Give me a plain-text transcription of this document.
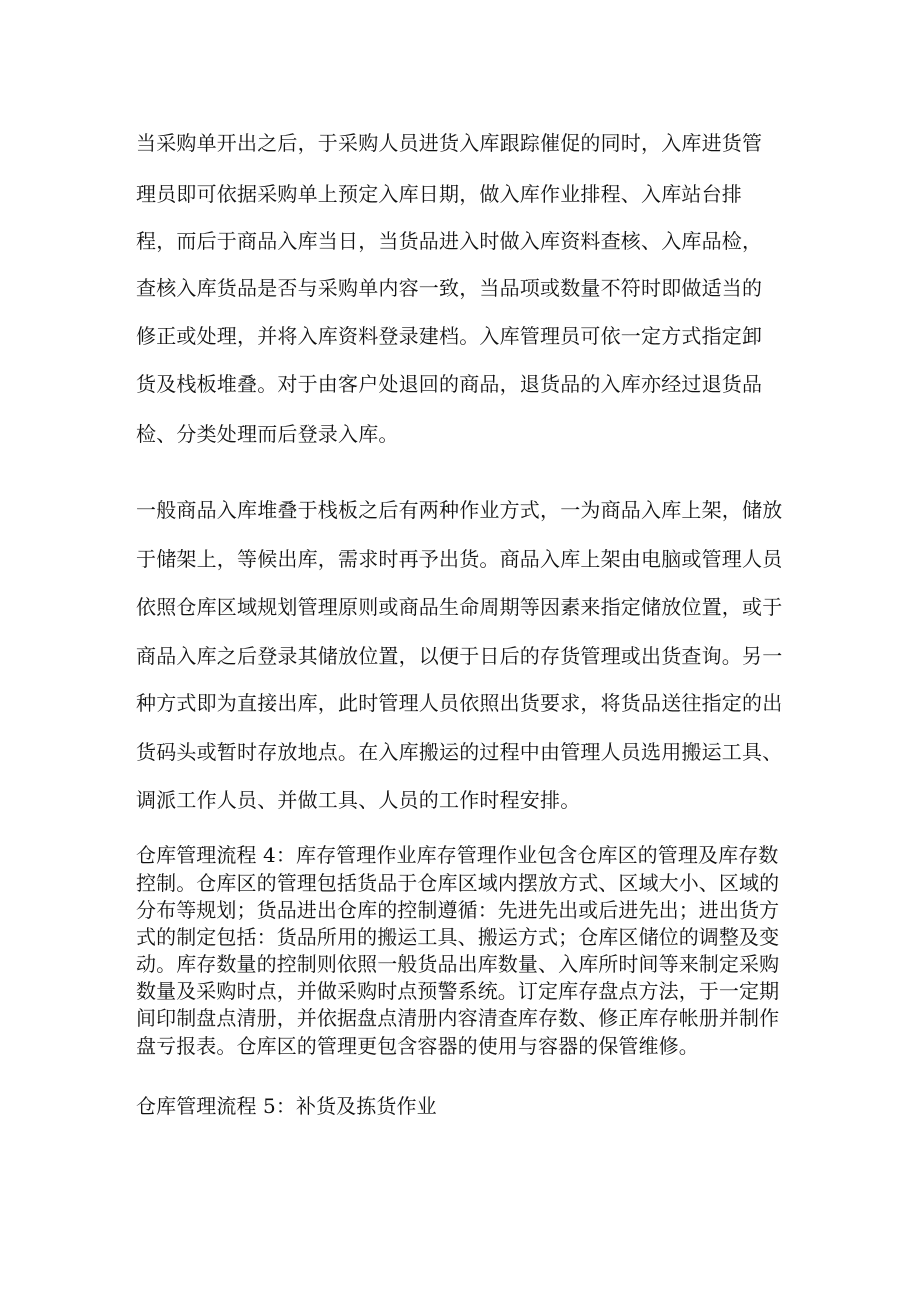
当采购单开出之后，于采购人员进货入库跟踪催促的同时，入库进货管
理员即可依据采购单上预定入库日期，做入库作业排程、入库站台排
程，而后于商品入库当日，当货品进入时做入库资料查核、入库品检，
查核入库货品是否与采购单内容一致，当品项或数量不符时即做适当的
修正或处理，并将入库资料登录建档。入库管理员可依一定方式指定卸
货及栈板堆叠。对于由客户处退回的商品，退货品的入库亦经过退货品
检、分类处理而后登录入库。
一般商品入库堆叠于栈板之后有两种作业方式，一为商品入库上架，储放
于储架上，等候出库，需求时再予出货。商品入库上架由电脑或管理人员
依照仓库区域规划管理原则或商品生命周期等因素来指定储放位置，或于
商品入库之后登录其储放位置，以便于日后的存货管理或出货查询。另一
种方式即为直接出库，此时管理人员依照出货要求，将货品送往指定的出
货码头或暂时存放地点。在入库搬运的过程中由管理人员选用搬运工具、
调派工作人员、并做工具、人员的工作时程安排。
仓库管理流程 4：库存管理作业库存管理作业包含仓库区的管理及库存数
控制。仓库区的管理包括货品于仓库区域内摆放方式、区域大小、区域的
分布等规划；货品进出仓库的控制遵循：先进先出或后进先出；进出货方
式的制定包括：货品所用的搬运工具、搬运方式；仓库区储位的调整及变
动。库存数量的控制则依照一般货品出库数量、入库所时间等来制定采购
数量及采购时点，并做采购时点预警系统。订定库存盘点方法，于一定期
间印制盘点清册，并依据盘点清册内容清查库存数、修正库存帐册并制作
盘亏报表。仓库区的管理更包含容器的使用与容器的保管维修。
仓库管理流程 5：补货及拣货作业
